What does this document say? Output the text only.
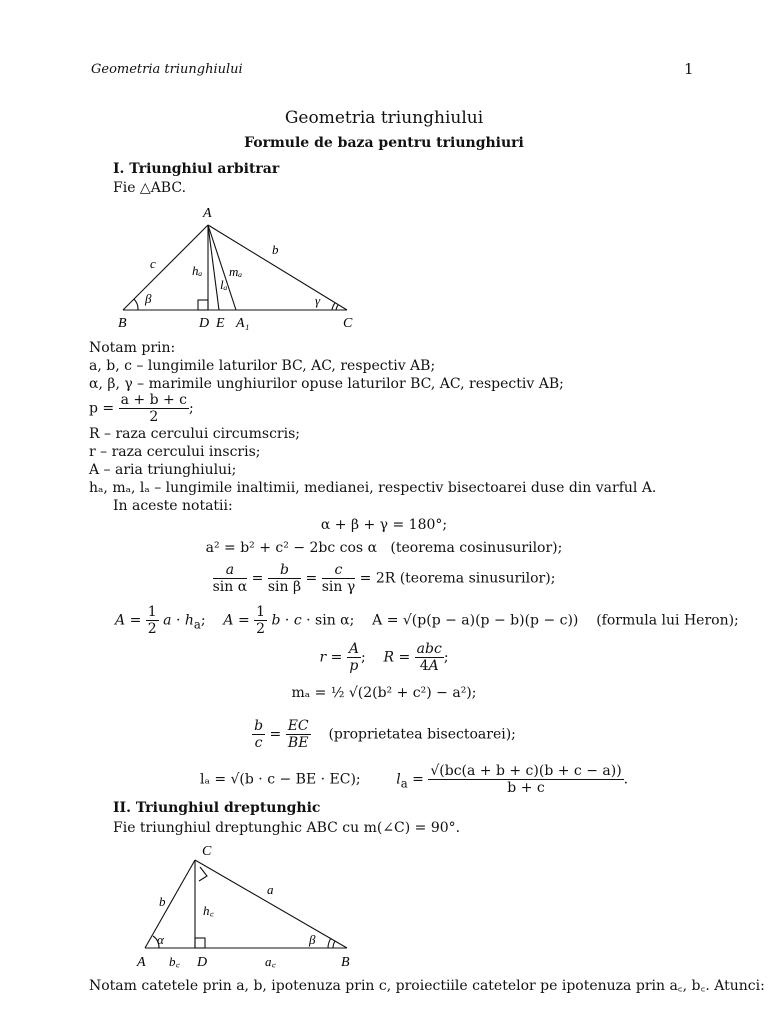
Geometria triunghiului	1
Geometria triunghiului
Formule de baza pentru triunghiuri
I. Triunghiul arbitrar
Fie △ABC.
A
B	C
D E A₁
c
b
hₐ mₐ
lₐ
β	γ
Notam prin:
a, b, c – lungimile laturilor BC, AC, respectiv AB;
α, β, γ – marimile unghiurilor opuse laturilor BC, AC, respectiv AB;
$p = \frac{a + b + c}{2}$ ;
R – raza cercului circumscris;
r – raza cercului inscris;
A – aria triunghiului;
hₐ, mₐ, lₐ – lungimile inaltimii, medianei, respectiv bisectoarei duse din varful A.
In aceste notatii:
α + β + γ = 180°;
a² = b² + c² − 2bc cos α (teorema cosinusurilor);
$\frac{a}{\text{sin α}} = \frac{b}{\text{sin β}} = \frac{c}{\text{sin γ}} = 2R$ (teorema sinusurilor);
$A = \frac{1}{2}$ $a \cdot h_a$;    $A = \frac{1}{2}$ b · c · sin α;    A = √(p(p − a)(p − b)(p − c)) (formula lui Heron);
$r = \frac{A}{p}$ ;    $R = \frac{\text{abc}}{4A}$ ;
mₐ = ½ √(2(b² + c²) − a²);
$\frac{b}{c} = \frac{EC}{BE}$ (proprietatea bisectoarei);
lₐ = √(b · c − BE · EC);	$l_a = \frac{√(bc(a + b + c)(b + c - a))}{b + c}$ .
II. Triunghiul dreptunghic
Fie triunghiul dreptunghic ABC cu m(∠C) = 90°.
C
A	B
D
a
b
h꜀
b꜀	a꜀
α	β
Notam catetele prin a, b, ipotenuza prin c, proiectiile catetelor pe ipotenuza prin a꜀, b꜀. Atunci:
